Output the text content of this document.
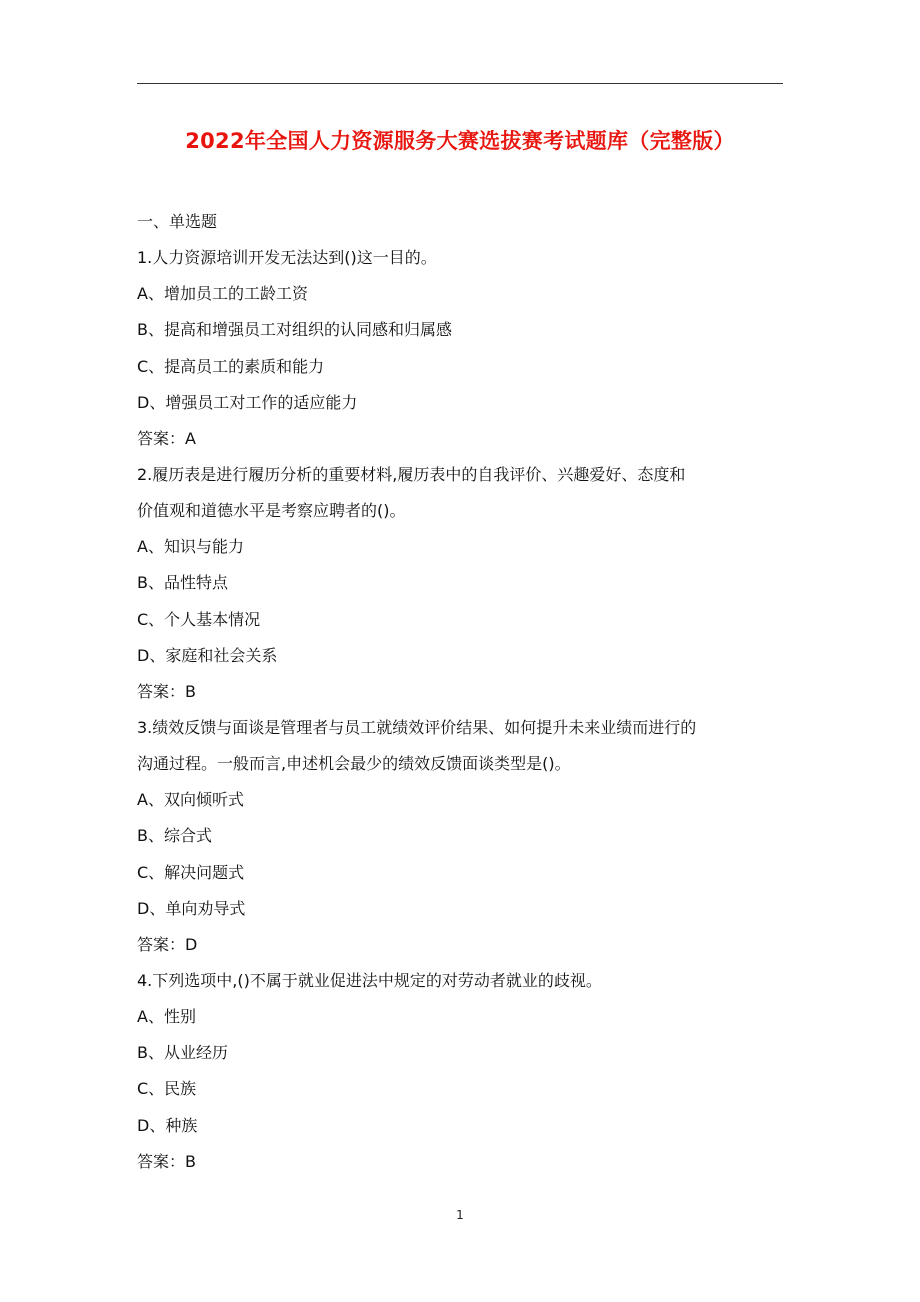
2022年全国人力资源服务大赛选拔赛考试题库（完整版）
一、单选题
1.人力资源培训开发无法达到()这一目的。
A、增加员工的工龄工资
B、提高和增强员工对组织的认同感和归属感
C、提高员工的素质和能力
D、增强员工对工作的适应能力
答案：A
2.履历表是进行履历分析的重要材料,履历表中的自我评价、兴趣爱好、态度和
价值观和道德水平是考察应聘者的()。
A、知识与能力
B、品性特点
C、个人基本情况
D、家庭和社会关系
答案：B
3.绩效反馈与面谈是管理者与员工就绩效评价结果、如何提升未来业绩而进行的
沟通过程。一般而言,申述机会最少的绩效反馈面谈类型是()。
A、双向倾听式
B、综合式
C、解决问题式
D、单向劝导式
答案：D
4.下列选项中,()不属于就业促进法中规定的对劳动者就业的歧视。
A、性别
B、从业经历
C、民族
D、种族
答案：B
1
